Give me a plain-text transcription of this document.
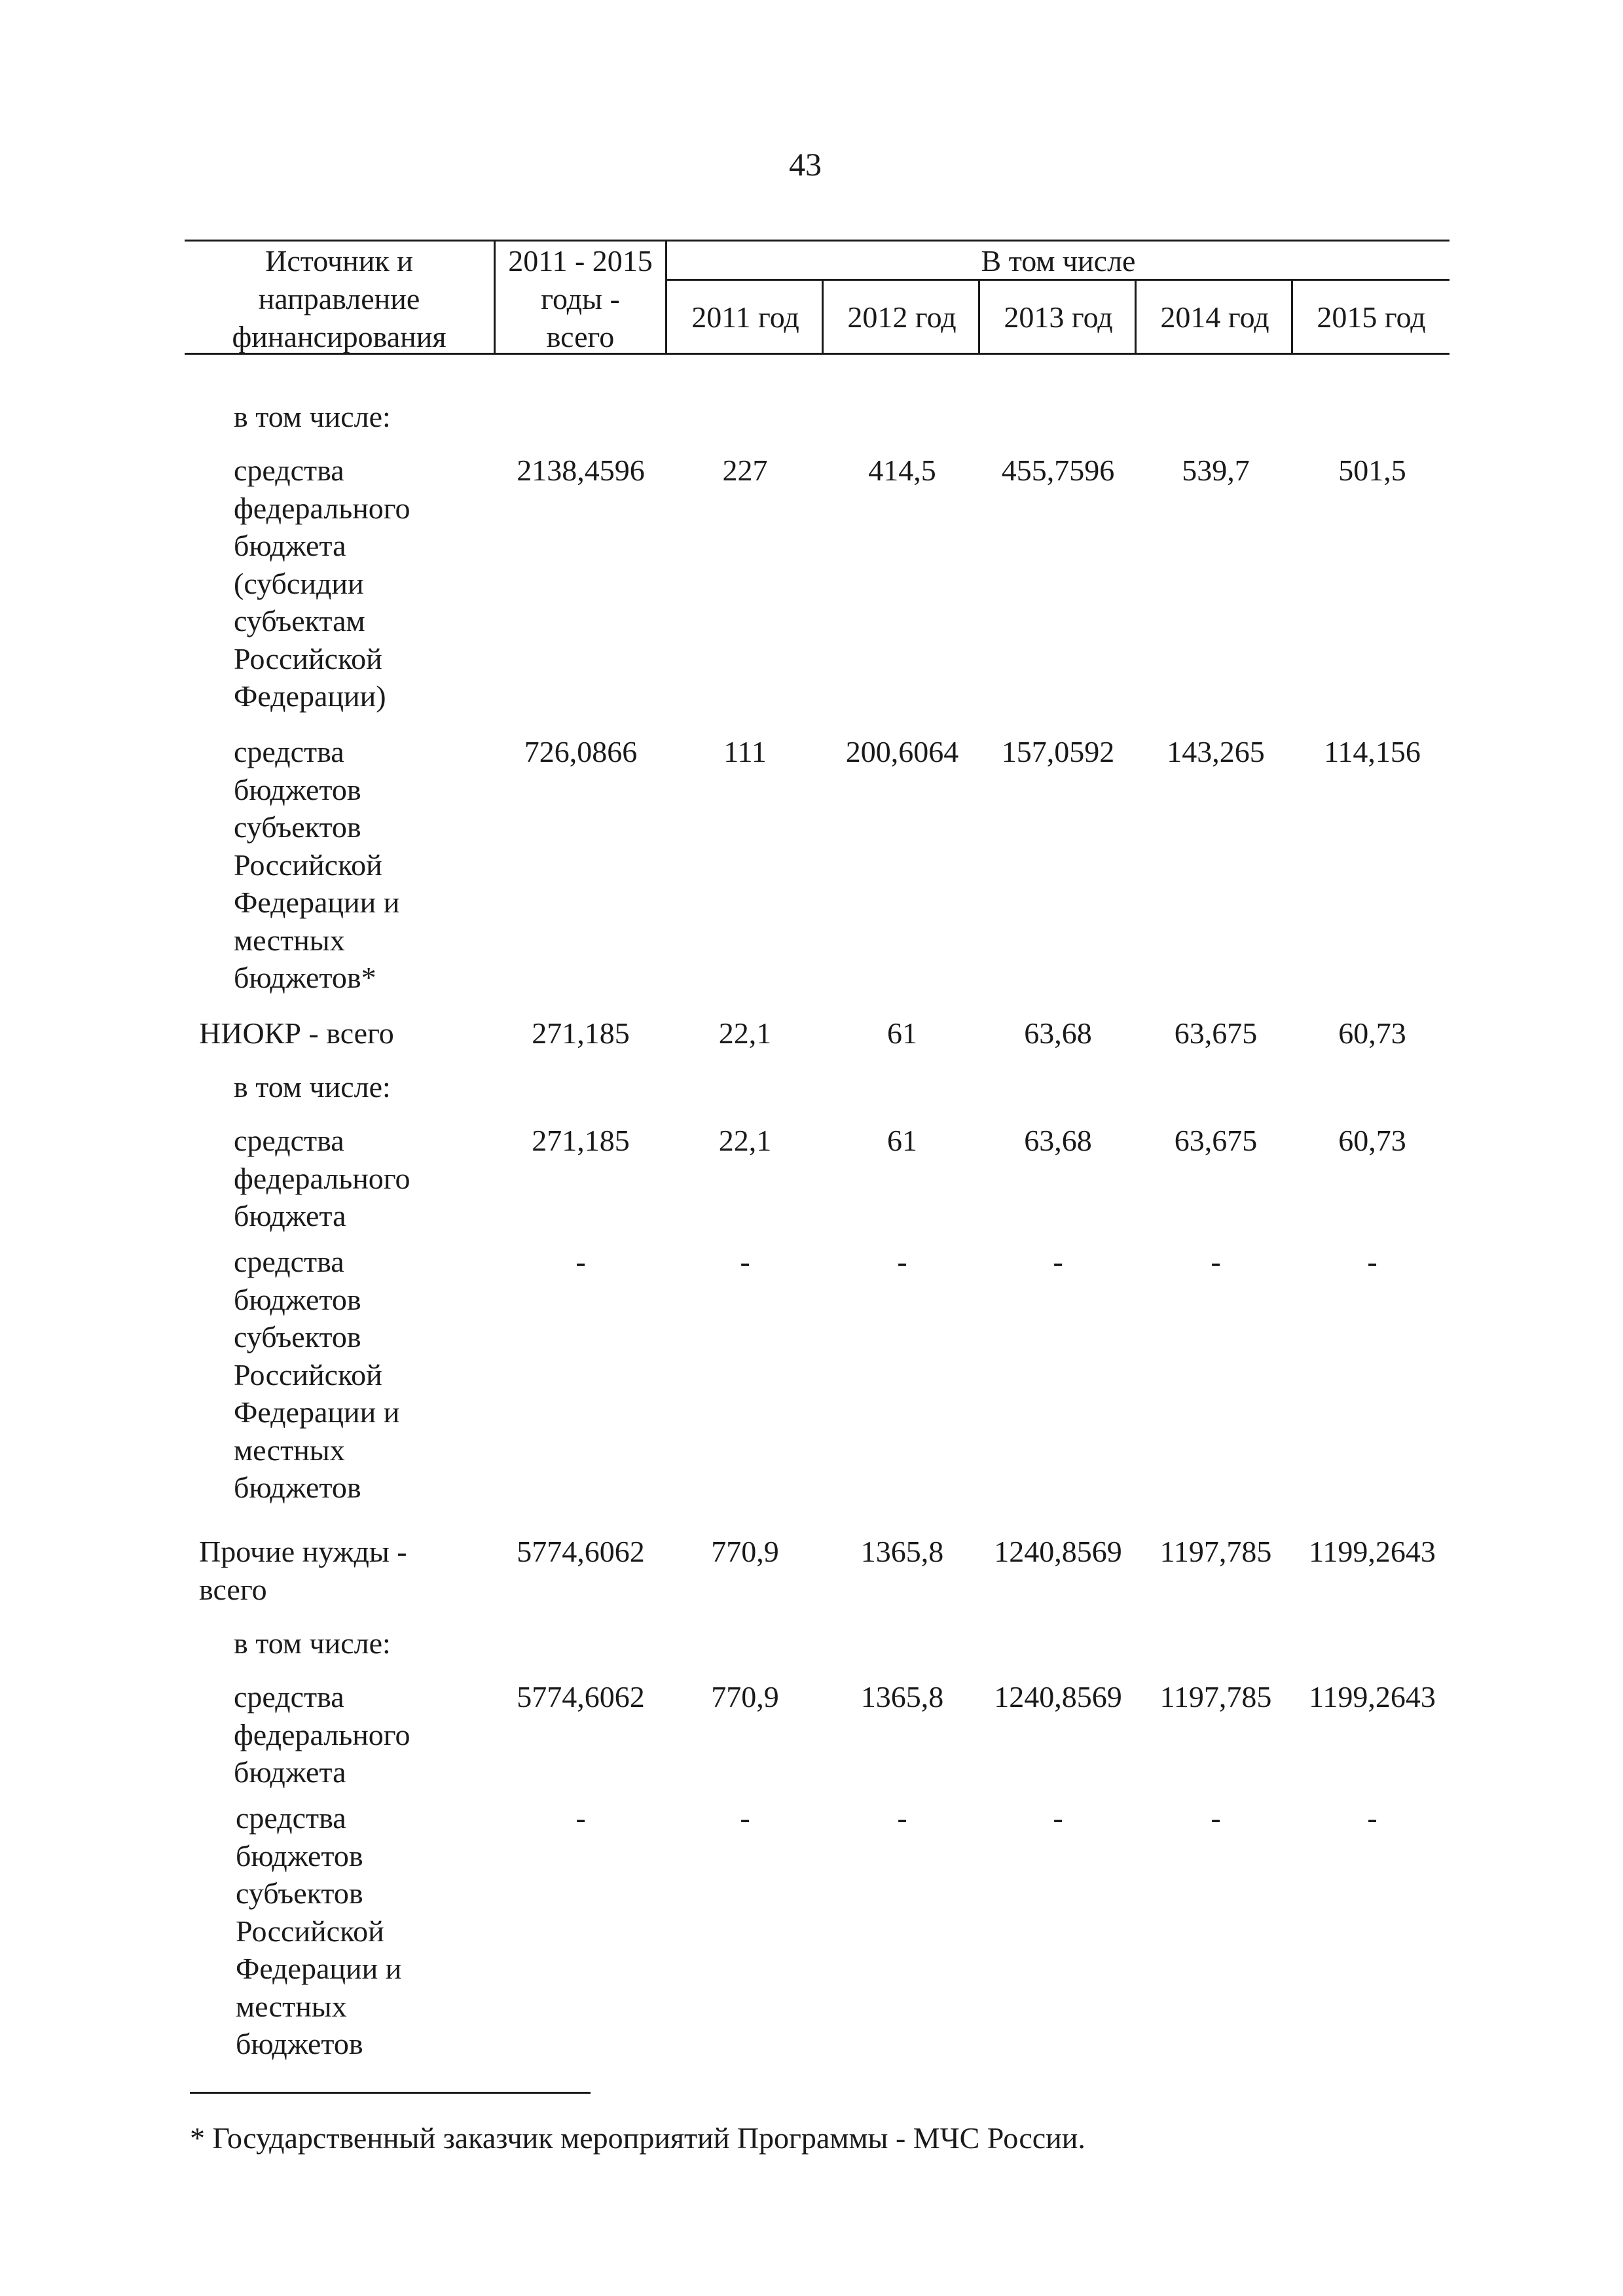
43
Источник и
направление
финансирования
2011 - 2015
годы -
всего
В том числе
2011 год	2012 год	2013 год	2014 год	2015 год
в том числе:
средства
федерального
бюджета
(субсидии
субъектам
Российской
Федерации)
2138,4596	227	414,5	455,7596	539,7	501,5
средства
бюджетов
субъектов
Российской
Федерации и
местных
бюджетов*
726,0866	111	200,6064	157,0592	143,265	114,156
НИОКР - всего	271,185	22,1	61	63,68	63,675	60,73
в том числе:
средства
федерального
бюджета
271,185	22,1	61	63,68	63,675	60,73
средства
бюджетов
субъектов
Российской
Федерации и
местных
бюджетов
-	-	-	-	-	-
Прочие нужды -
всего
5774,6062	770,9	1365,8	1240,8569	1197,785	1199,2643
в том числе:
средства
федерального
бюджета
5774,6062	770,9	1365,8	1240,8569	1197,785	1199,2643
средства
бюджетов
субъектов
Российской
Федерации и
местных
бюджетов
-	-	-	-	-	-
* Государственный заказчик мероприятий Программы - МЧС России.
